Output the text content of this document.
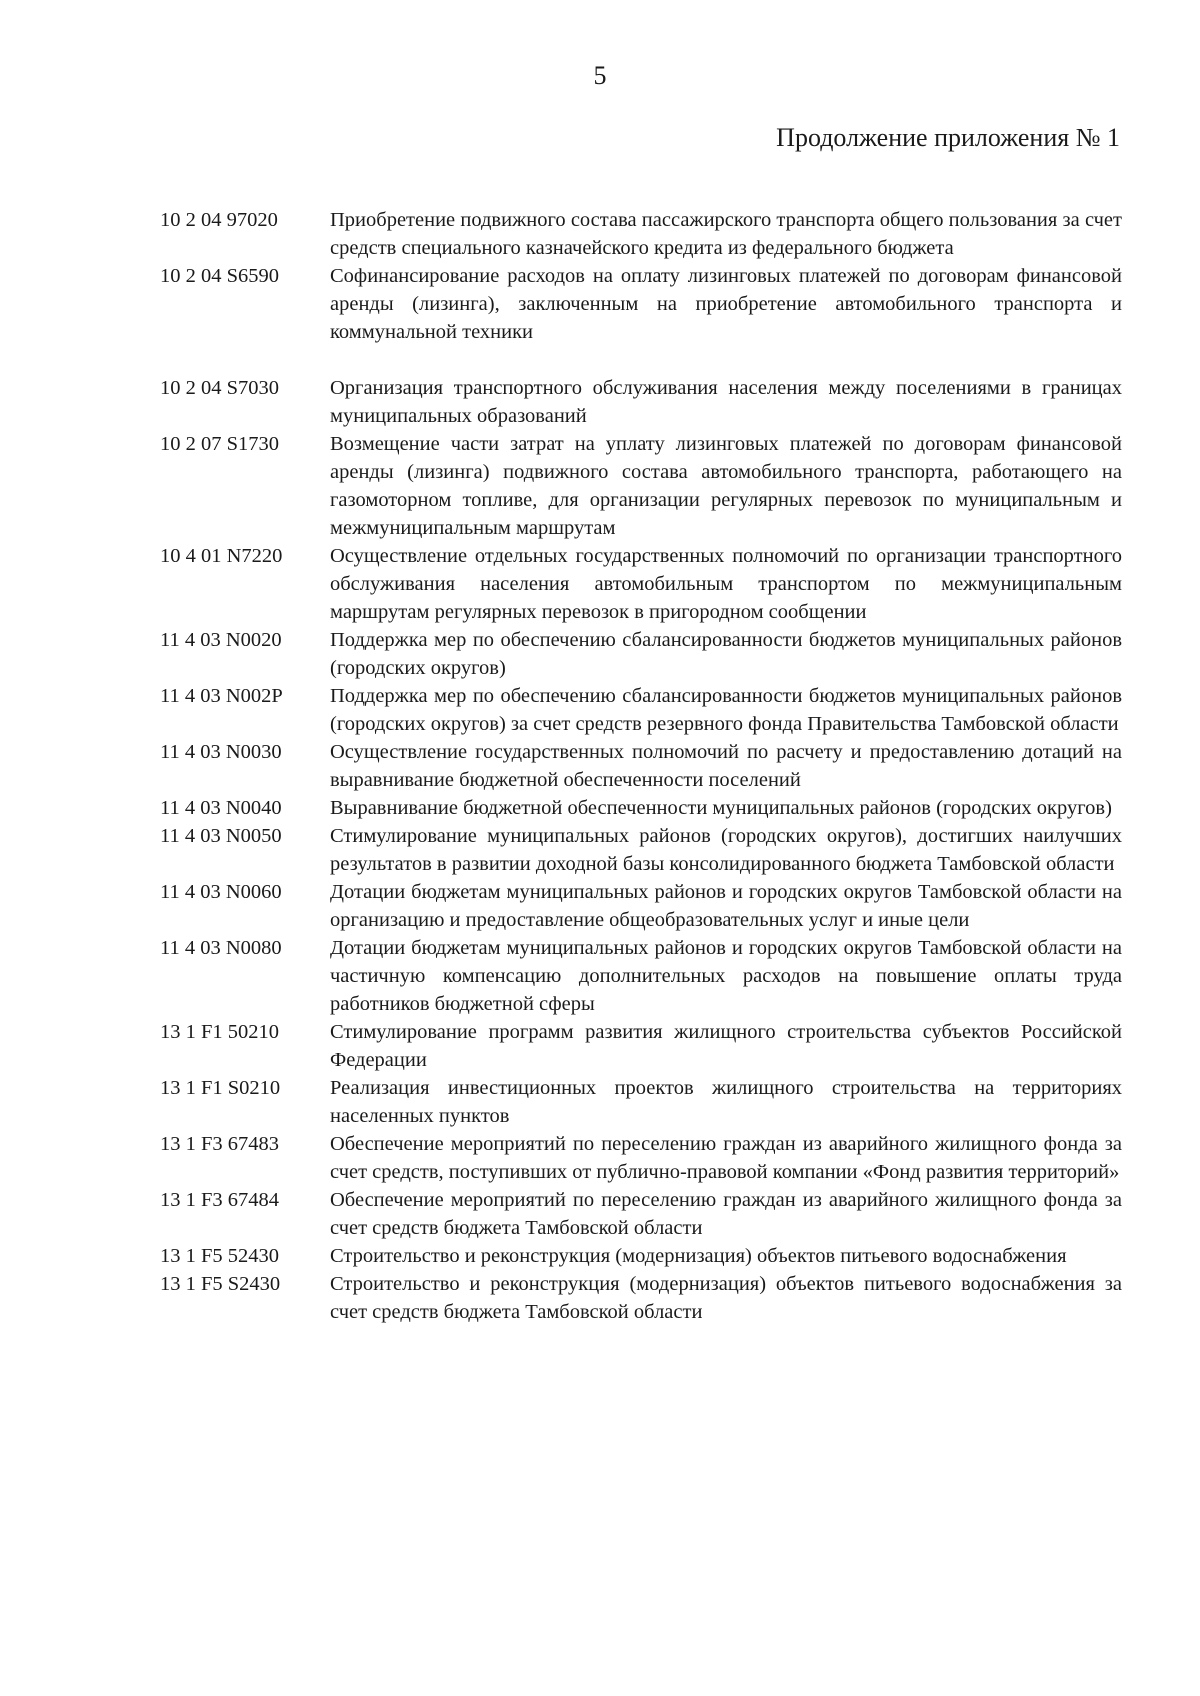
5
Продолжение приложения № 1
10 2 04 97020	Приобретение подвижного состава пассажирского транспорта общего пользования за счет средств специального казначейского кредита из федерального бюджета
10 2 04 S6590	Софинансирование расходов на оплату лизинговых платежей по договорам финансовой аренды (лизинга), заключенным на приобретение автомобильного транспорта и коммунальной техники
10 2 04 S7030	Организация транспортного обслуживания населения между поселениями в границах муниципальных образований
10 2 07 S1730	Возмещение части затрат на уплату лизинговых платежей по договорам финансовой аренды (лизинга) подвижного состава автомобильного транспорта, работающего на газомоторном топливе, для организации регулярных перевозок по муниципальным и межмуниципальным маршрутам
10 4 01 N7220	Осуществление отдельных государственных полномочий по организации транспортного обслуживания населения автомобильным транспортом по межмуниципальным маршрутам регулярных перевозок в пригородном сообщении
11 4 03 N0020	Поддержка мер по обеспечению сбалансированности бюджетов муниципальных районов (городских округов)
11 4 03 N002P	Поддержка мер по обеспечению сбалансированности бюджетов муниципальных районов (городских округов) за счет средств резервного фонда Правительства Тамбовской области
11 4 03 N0030	Осуществление государственных полномочий по расчету и предоставлению дотаций на выравнивание бюджетной обеспеченности поселений
11 4 03 N0040	Выравнивание бюджетной обеспеченности муниципальных районов (городских округов)
11 4 03 N0050	Стимулирование муниципальных районов (городских округов), достигших наилучших результатов в развитии доходной базы консолидированного бюджета Тамбовской области
11 4 03 N0060	Дотации бюджетам муниципальных районов и городских округов Тамбовской области на организацию и предоставление общеобразовательных услуг и иные цели
11 4 03 N0080	Дотации бюджетам муниципальных районов и городских округов Тамбовской области на частичную компенсацию дополнительных расходов на повышение оплаты труда работников бюджетной сферы
13 1 F1 50210	Стимулирование программ развития жилищного строительства субъектов Российской Федерации
13 1 F1 S0210	Реализация инвестиционных проектов жилищного строительства на территориях населенных пунктов
13 1 F3 67483	Обеспечение мероприятий по переселению граждан из аварийного жилищного фонда за счет средств, поступивших от публично-правовой компании «Фонд развития территорий»
13 1 F3 67484	Обеспечение мероприятий по переселению граждан из аварийного жилищного фонда за счет средств бюджета Тамбовской области
13 1 F5 52430	Строительство и реконструкция (модернизация) объектов питьевого водоснабжения
13 1 F5 S2430	Строительство и реконструкция (модернизация) объектов питьевого водоснабжения за счет средств бюджета Тамбовской области
